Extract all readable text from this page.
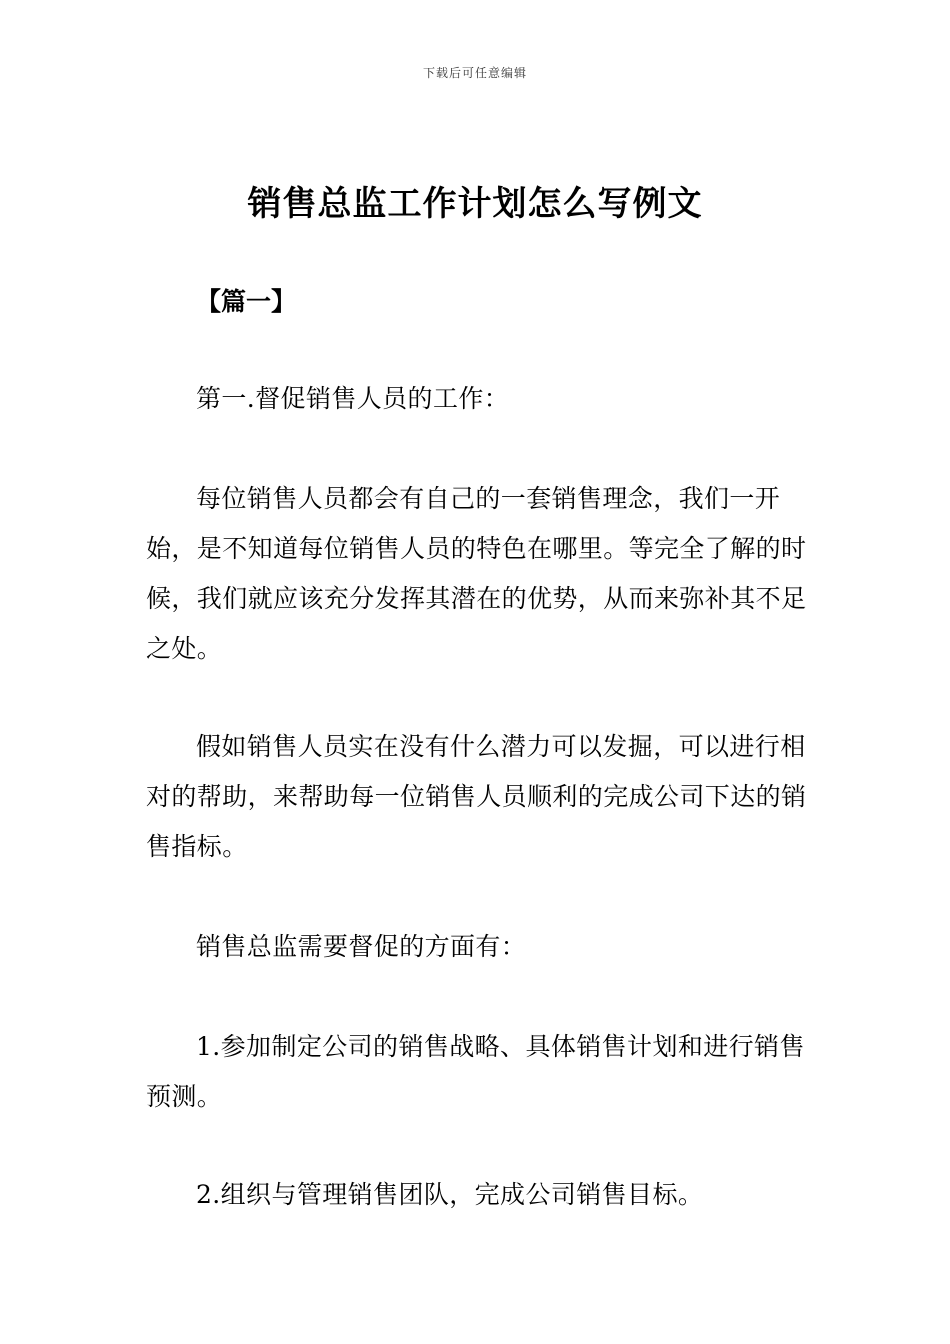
下载后可任意编辑
销售总监工作计划怎么写例文
【篇一】

第一.督促销售人员的工作：

每位销售人员都会有自己的一套销售理念，我们一开始，是不知道每位销售人员的特色在哪里。等完全了解的时候，我们就应该充分发挥其潜在的优势，从而来弥补其不足之处。

假如销售人员实在没有什么潜力可以发掘，可以进行相对的帮助，来帮助每一位销售人员顺利的完成公司下达的销售指标。

销售总监需要督促的方面有：

1.参加制定公司的销售战略、具体销售计划和进行销售预测。

2.组织与管理销售团队，完成公司销售目标。
